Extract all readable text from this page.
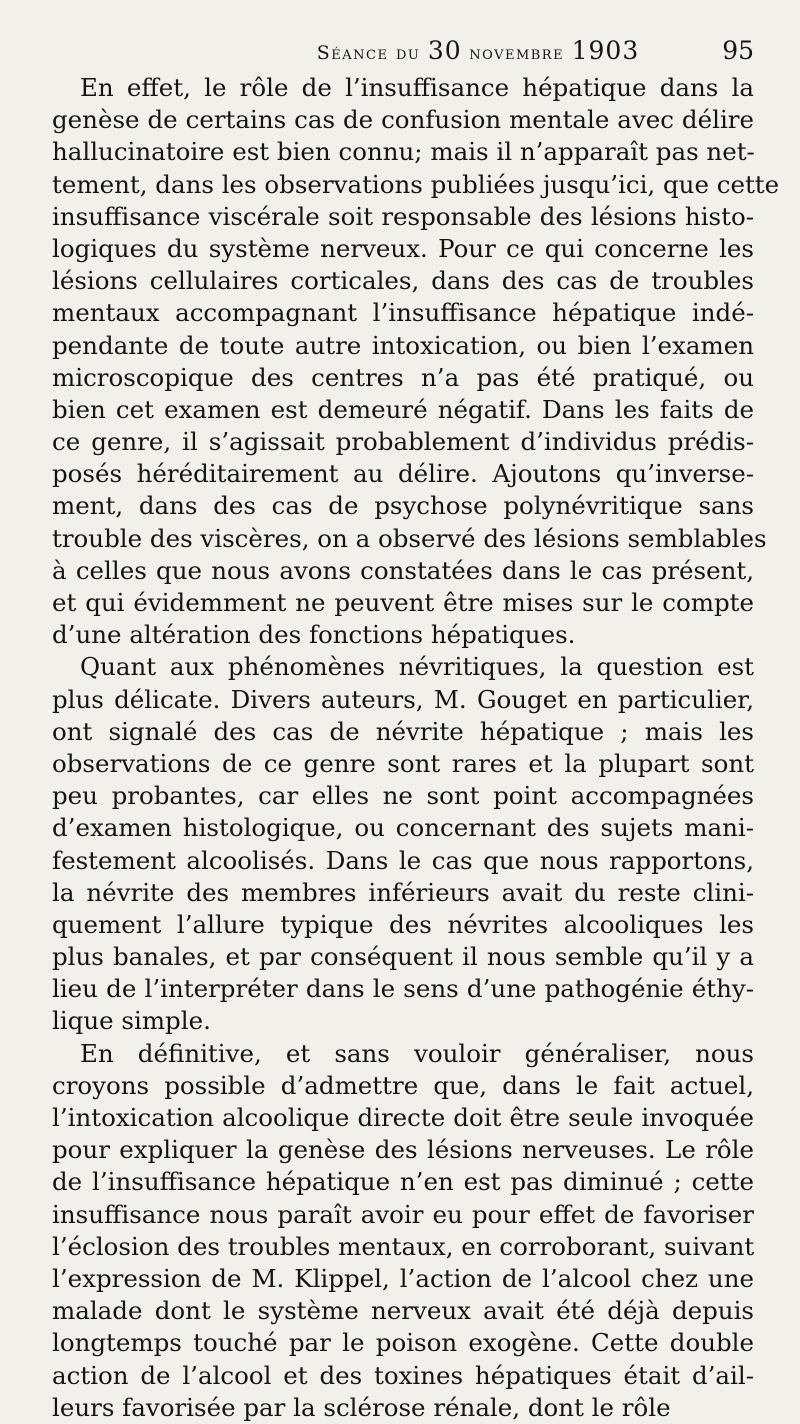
Séance du 30 novembre 1903	95
En effet, le rôle de l’insuffisance hépatique dans la
genèse de certains cas de confusion mentale avec délire
hallucinatoire est bien connu; mais il n’apparaît pas net-
tement, dans les observations publiées jusqu’ici, que cette
insuffisance viscérale soit responsable des lésions histo-
logiques du système nerveux. Pour ce qui concerne les
lésions cellulaires corticales, dans des cas de troubles
mentaux accompagnant l’insuffisance hépatique indé-
pendante de toute autre intoxication, ou bien l’examen
microscopique des centres n’a pas été pratiqué, ou
bien cet examen est demeuré négatif. Dans les faits de
ce genre, il s’agissait probablement d’individus prédis-
posés héréditairement au délire. Ajoutons qu’inverse-
ment, dans des cas de psychose polynévritique sans
trouble des viscères, on a observé des lésions semblables
à celles que nous avons constatées dans le cas présent,
et qui évidemment ne peuvent être mises sur le compte
d’une altération des fonctions hépatiques.
Quant aux phénomènes névritiques, la question est
plus délicate. Divers auteurs, M. Gouget en particulier,
ont signalé des cas de névrite hépatique ; mais les
observations de ce genre sont rares et la plupart sont
peu probantes, car elles ne sont point accompagnées
d’examen histologique, ou concernant des sujets mani-
festement alcoolisés. Dans le cas que nous rapportons,
la névrite des membres inférieurs avait du reste clini-
quement l’allure typique des névrites alcooliques les
plus banales, et par conséquent il nous semble qu’il y a
lieu de l’interpréter dans le sens d’une pathogénie éthy-
lique simple.
En définitive, et sans vouloir généraliser, nous
croyons possible d’admettre que, dans le fait actuel,
l’intoxication alcoolique directe doit être seule invoquée
pour expliquer la genèse des lésions nerveuses. Le rôle
de l’insuffisance hépatique n’en est pas diminué ; cette
insuffisance nous paraît avoir eu pour effet de favoriser
l’éclosion des troubles mentaux, en corroborant, suivant
l’expression de M. Klippel, l’action de l’alcool chez une
malade dont le système nerveux avait été déjà depuis
longtemps touché par le poison exogène. Cette double
action de l’alcool et des toxines hépatiques était d’ail-
leurs favorisée par la sclérose rénale, dont le rôle
